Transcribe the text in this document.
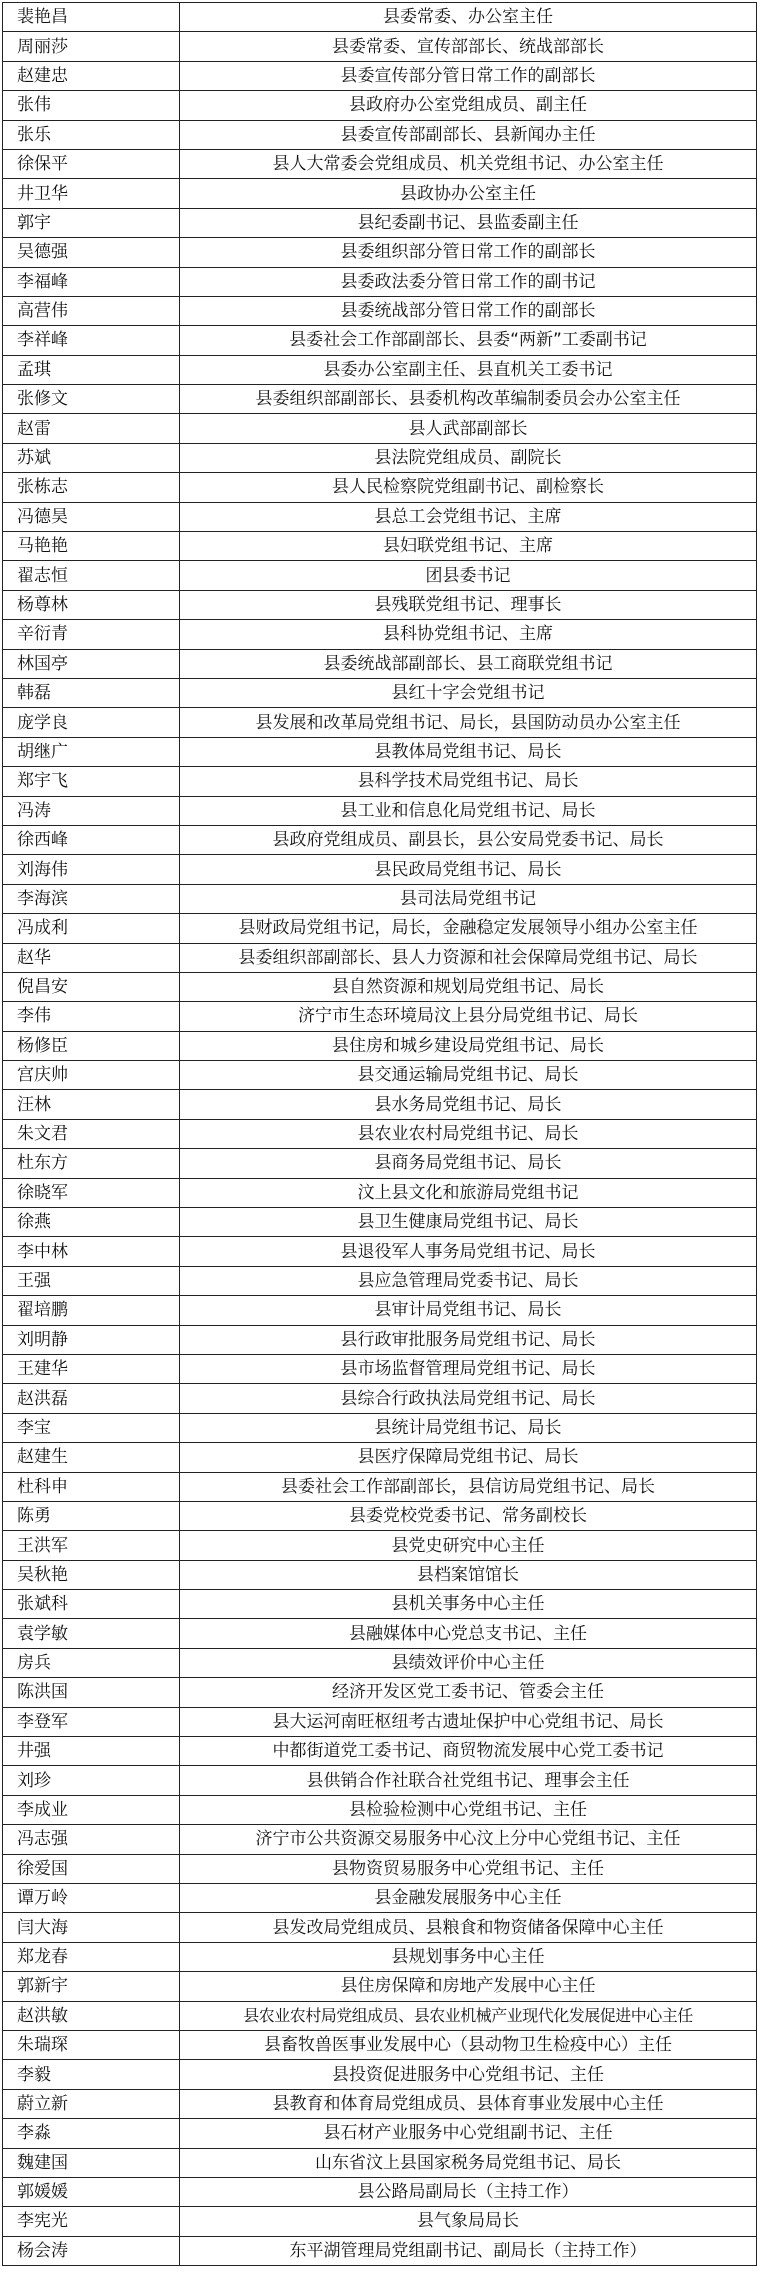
裴艳昌	县委常委、办公室主任
周丽莎	县委常委、宣传部部长、统战部部长
赵建忠	县委宣传部分管日常工作的副部长
张伟	县政府办公室党组成员、副主任
张乐	县委宣传部副部长、县新闻办主任
徐保平	县人大常委会党组成员、机关党组书记、办公室主任
井卫华	县政协办公室主任
郭宇	县纪委副书记、县监委副主任
吴德强	县委组织部分管日常工作的副部长
李福峰	县委政法委分管日常工作的副书记
高营伟	县委统战部分管日常工作的副部长
李祥峰	县委社会工作部副部长、县委“两新”工委副书记
孟琪	县委办公室副主任、县直机关工委书记
张修文	县委组织部副部长、县委机构改革编制委员会办公室主任
赵雷	县人武部副部长
苏斌	县法院党组成员、副院长
张栋志	县人民检察院党组副书记、副检察长
冯德昊	县总工会党组书记、主席
马艳艳	县妇联党组书记、主席
翟志恒	团县委书记
杨尊林	县残联党组书记、理事长
辛衍青	县科协党组书记、主席
林国亭	县委统战部副部长、县工商联党组书记
韩磊	县红十字会党组书记
庞学良	县发展和改革局党组书记、局长，县国防动员办公室主任
胡继广	县教体局党组书记、局长
郑宇飞	县科学技术局党组书记、局长
冯涛	县工业和信息化局党组书记、局长
徐西峰	县政府党组成员、副县长，县公安局党委书记、局长
刘海伟	县民政局党组书记、局长
李海滨	县司法局党组书记
冯成利	县财政局党组书记，局长，金融稳定发展领导小组办公室主任
赵华	县委组织部副部长、县人力资源和社会保障局党组书记、局长
倪昌安	县自然资源和规划局党组书记、局长
李伟	济宁市生态环境局汶上县分局党组书记、局长
杨修臣	县住房和城乡建设局党组书记、局长
宫庆帅	县交通运输局党组书记、局长
汪林	县水务局党组书记、局长
朱文君	县农业农村局党组书记、局长
杜东方	县商务局党组书记、局长
徐晓军	汶上县文化和旅游局党组书记
徐燕	县卫生健康局党组书记、局长
李中林	县退役军人事务局党组书记、局长
王强	县应急管理局党委书记、局长
翟培鹏	县审计局党组书记、局长
刘明静	县行政审批服务局党组书记、局长
王建华	县市场监督管理局党组书记、局长
赵洪磊	县综合行政执法局党组书记、局长
李宝	县统计局党组书记、局长
赵建生	县医疗保障局党组书记、局长
杜科申	县委社会工作部副部长，县信访局党组书记、局长
陈勇	县委党校党委书记、常务副校长
王洪军	县党史研究中心主任
吴秋艳	县档案馆馆长
张斌科	县机关事务中心主任
袁学敏	县融媒体中心党总支书记、主任
房兵	县绩效评价中心主任
陈洪国	经济开发区党工委书记、管委会主任
李登军	县大运河南旺枢纽考古遗址保护中心党组书记、局长
井强	中都街道党工委书记、商贸物流发展中心党工委书记
刘珍	县供销合作社联合社党组书记、理事会主任
李成业	县检验检测中心党组书记、主任
冯志强	济宁市公共资源交易服务中心汶上分中心党组书记、主任
徐爱国	县物资贸易服务中心党组书记、主任
谭万岭	县金融发展服务中心主任
闫大海	县发改局党组成员、县粮食和物资储备保障中心主任
郑龙春	县规划事务中心主任
郭新宇	县住房保障和房地产发展中心主任
赵洪敏	县农业农村局党组成员、县农业机械产业现代化发展促进中心主任
朱瑞琛	县畜牧兽医事业发展中心（县动物卫生检疫中心）主任
李毅	县投资促进服务中心党组书记、主任
蔚立新	县教育和体育局党组成员、县体育事业发展中心主任
李淼	县石材产业服务中心党组副书记、主任
魏建国	山东省汶上县国家税务局党组书记、局长
郭媛媛	县公路局副局长（主持工作）
李宪光	县气象局局长
杨会涛	东平湖管理局党组副书记、副局长（主持工作）
